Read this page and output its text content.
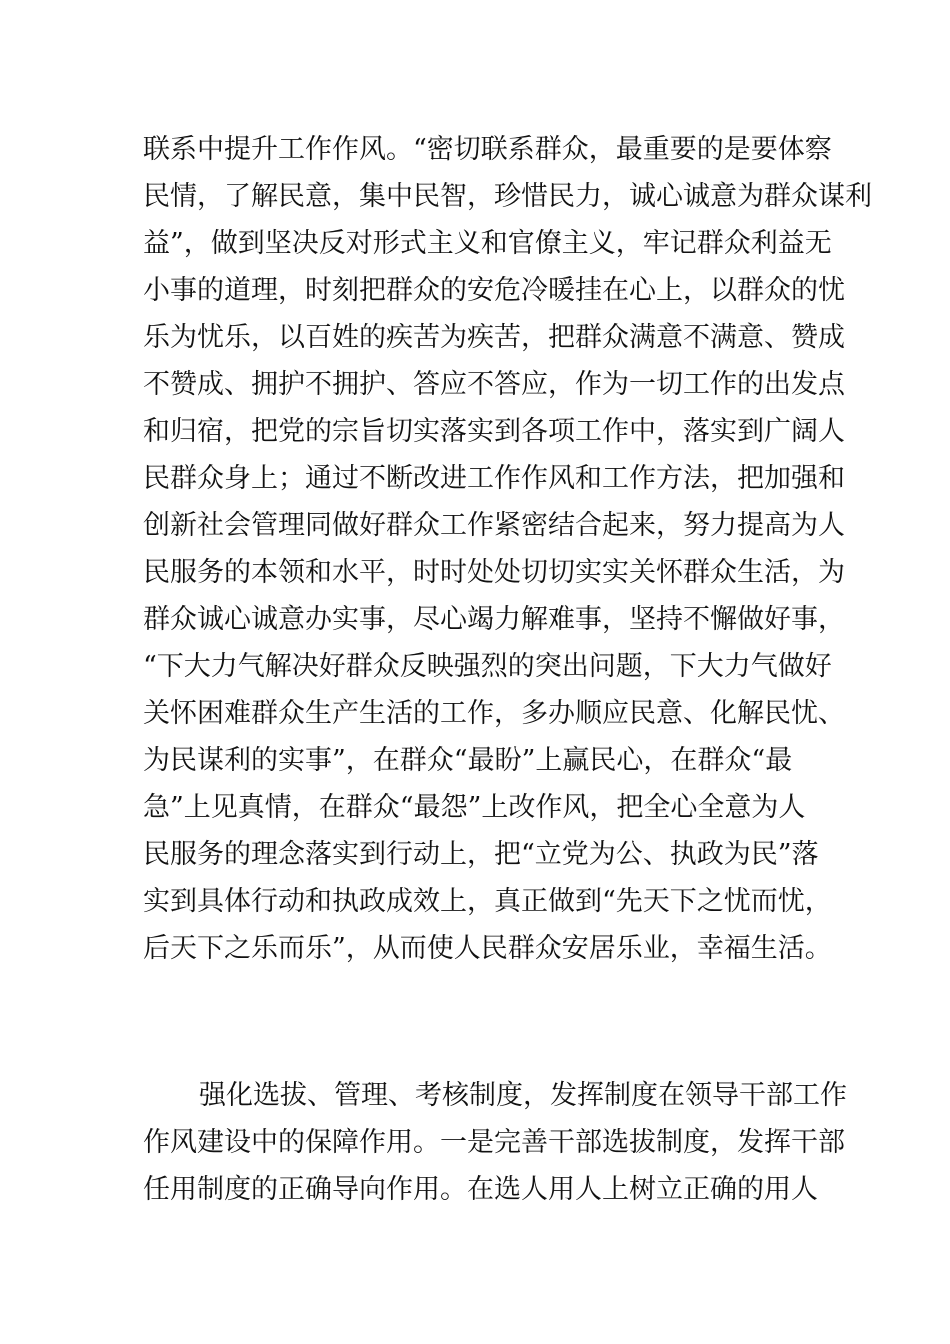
联系中提升工作作风。“密切联系群众，最重要的是要体察
民情，了解民意，集中民智，珍惜民力，诚心诚意为群众谋利
益”，做到坚决反对形式主义和官僚主义，牢记群众利益无
小事的道理，时刻把群众的安危冷暖挂在心上，以群众的忧
乐为忧乐，以百姓的疾苦为疾苦，把群众满意不满意、赞成
不赞成、拥护不拥护、答应不答应，作为一切工作的出发点
和归宿，把党的宗旨切实落实到各项工作中，落实到广阔人
民群众身上；通过不断改进工作作风和工作方法，把加强和
创新社会管理同做好群众工作紧密结合起来，努力提高为人
民服务的本领和水平，时时处处切切实实关怀群众生活，为
群众诚心诚意办实事，尽心竭力解难事，坚持不懈做好事，
“下大力气解决好群众反映强烈的突出问题，下大力气做好
关怀困难群众生产生活的工作，多办顺应民意、化解民忧、
为民谋利的实事”，在群众“最盼”上赢民心，在群众“最
急”上见真情，在群众“最怨”上改作风，把全心全意为人
民服务的理念落实到行动上，把“立党为公、执政为民”落
实到具体行动和执政成效上，真正做到“先天下之忧而忧，
后天下之乐而乐”，从而使人民群众安居乐业，幸福生活。
强化选拔、管理、考核制度，发挥制度在领导干部工作
作风建设中的保障作用。一是完善干部选拔制度，发挥干部
任用制度的正确导向作用。在选人用人上树立正确的用人
